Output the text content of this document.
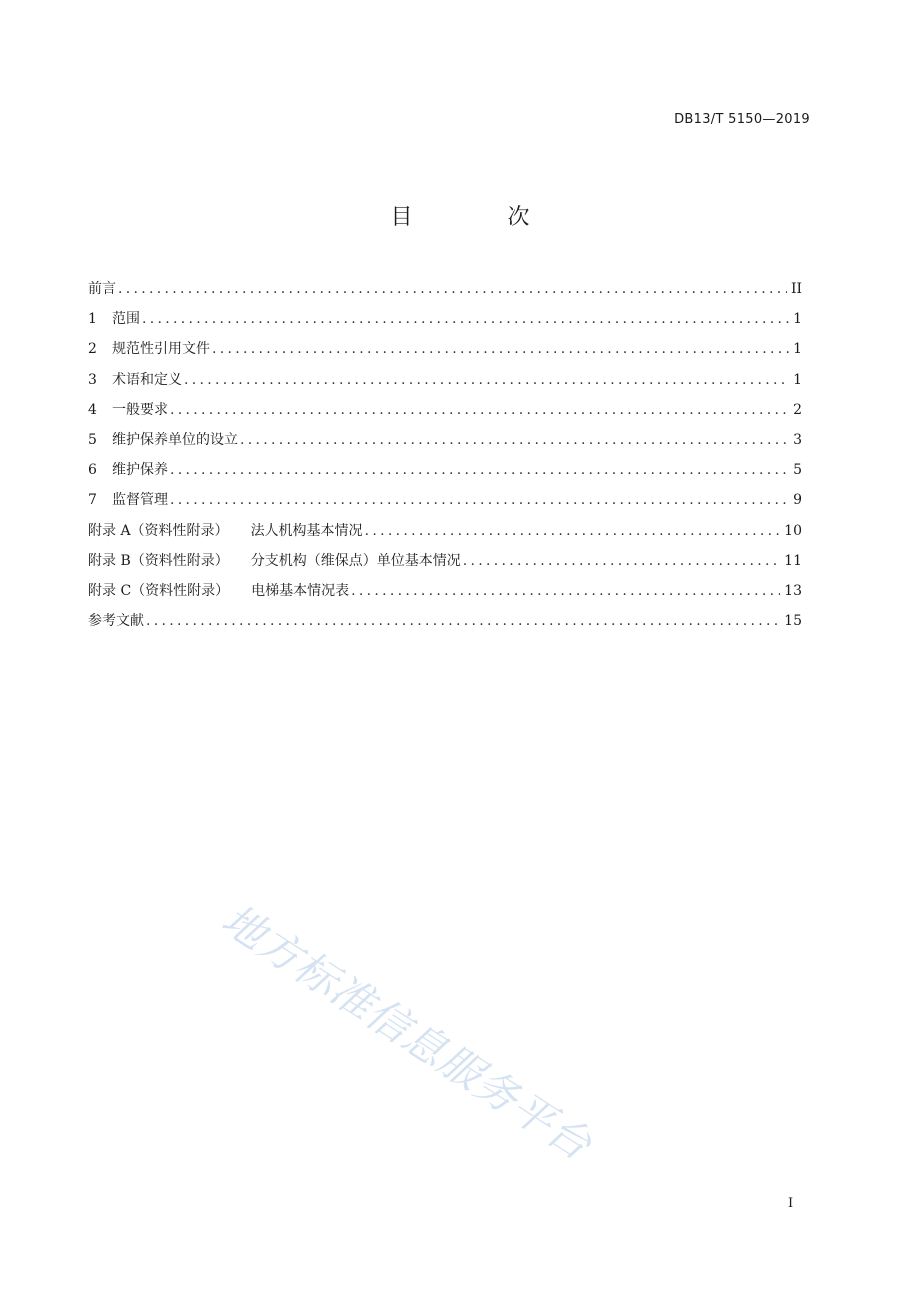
DB13/T 5150—2019
目 次
前言 .....	II
1	范围 .....	1
2	规范性引用文件 .....	1
3	术语和定义 .....	1
4	一般要求 .....	2
5	维护保养单位的设立 .....	3
6	维护保养 .....	5
7	监督管理 .....	9
附录 A（资料性附录） 法人机构基本情况 .....	10
附录 B（资料性附录） 分支机构（维保点）单位基本情况 .....	11
附录 C（资料性附录） 电梯基本情况表 .....	13
参考文献 .....	15
地方标准信息服务平台
I
